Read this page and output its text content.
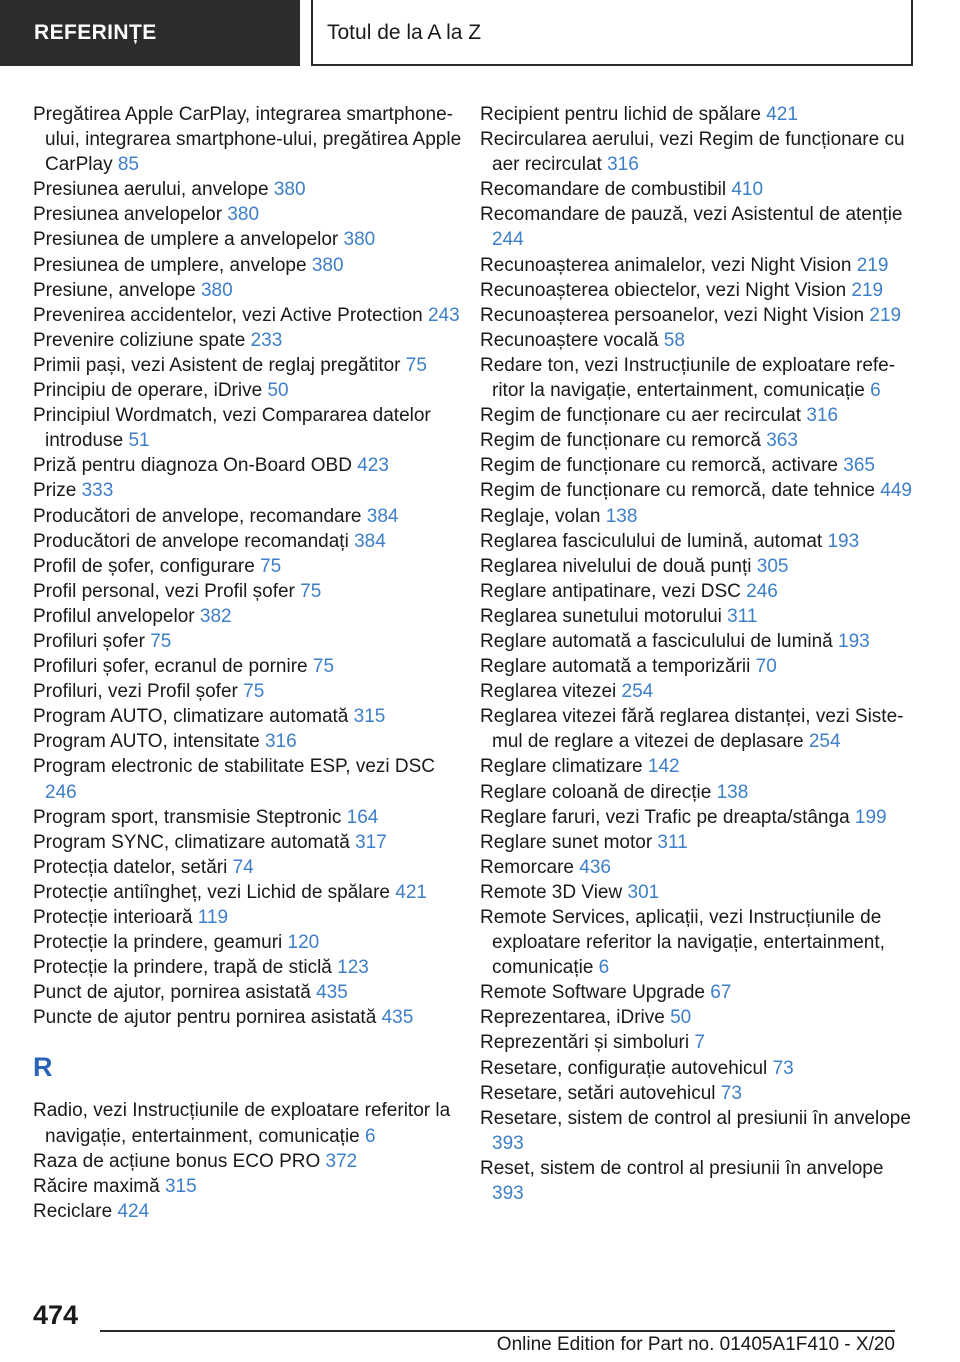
REFERINȚE	Totul de la A la Z

Pregătirea Apple CarPlay, integrarea smartphone-ului, integrarea smartphone-ului, pregătirea Apple CarPlay 85

Presiunea aerului, anvelope 380

Presiunea anvelopelor 380

Presiunea de umplere a anvelopelor 380

Presiunea de umplere, anvelope 380

Presiune, anvelope 380

Prevenirea accidentelor, vezi Active Protection 243

Prevenire coliziune spate 233

Primii pași, vezi Asistent de reglaj pregătitor 75

Principiu de operare, iDrive 50

Principiul Wordmatch, vezi Compararea datelor introduse 51

Priză pentru diagnoza On-Board OBD 423

Prize 333

Producători de anvelope, recomandare 384

Producători de anvelope recomandați 384

Profil de șofer, configurare 75

Profil personal, vezi Profil șofer 75

Profilul anvelopelor 382

Profiluri șofer 75

Profiluri șofer, ecranul de pornire 75

Profiluri, vezi Profil șofer 75

Program AUTO, climatizare automată 315

Program AUTO, intensitate 316

Program electronic de stabilitate ESP, vezi DSC 246

Program sport, transmisie Steptronic 164

Program SYNC, climatizare automată 317

Protecția datelor, setări 74

Protecție antiîngheț, vezi Lichid de spălare 421

Protecție interioară 119

Protecție la prindere, geamuri 120

Protecție la prindere, trapă de sticlă 123

Punct de ajutor, pornirea asistată 435

Puncte de ajutor pentru pornirea asistată 435

R

Radio, vezi Instrucțiunile de exploatare referitor la navigație, entertainment, comunicație 6

Raza de acțiune bonus ECO PRO 372

Răcire maximă 315

Reciclare 424

Recipient pentru lichid de spălare 421

Recircularea aerului, vezi Regim de funcționare cu aer recirculat 316

Recomandare de combustibil 410

Recomandare de pauză, vezi Asistentul de atenție 244

Recunoașterea animalelor, vezi Night Vision 219

Recunoașterea obiectelor, vezi Night Vision 219

Recunoașterea persoanelor, vezi Night Vision 219

Recunoaștere vocală 58

Redare ton, vezi Instrucțiunile de exploatare referitor la navigație, entertainment, comunicație 6

Regim de funcționare cu aer recirculat 316

Regim de funcționare cu remorcă 363

Regim de funcționare cu remorcă, activare 365

Regim de funcționare cu remorcă, date tehnice 449

Reglaje, volan 138

Reglarea fasciculului de lumină, automat 193

Reglarea nivelului de două punți 305

Reglare antipatinare, vezi DSC 246

Reglarea sunetului motorului 311

Reglare automată a fasciculului de lumină 193

Reglare automată a temporizării 70

Reglarea vitezei 254

Reglarea vitezei fără reglarea distanței, vezi Sistemul de reglare a vitezei de deplasare 254

Reglare climatizare 142

Reglare coloană de direcție 138

Reglare faruri, vezi Trafic pe dreapta/stânga 199

Reglare sunet motor 311

Remorcare 436

Remote 3D View 301

Remote Services, aplicații, vezi Instrucțiunile de exploatare referitor la navigație, entertainment, comunicație 6

Remote Software Upgrade 67

Reprezentarea, iDrive 50

Reprezentări și simboluri 7

Resetare, configurație autovehicul 73

Resetare, setări autovehicul 73

Resetare, sistem de control al presiunii în anvelope 393

Reset, sistem de control al presiunii în anvelope 393

474
Online Edition for Part no. 01405A1F410 - X/20
